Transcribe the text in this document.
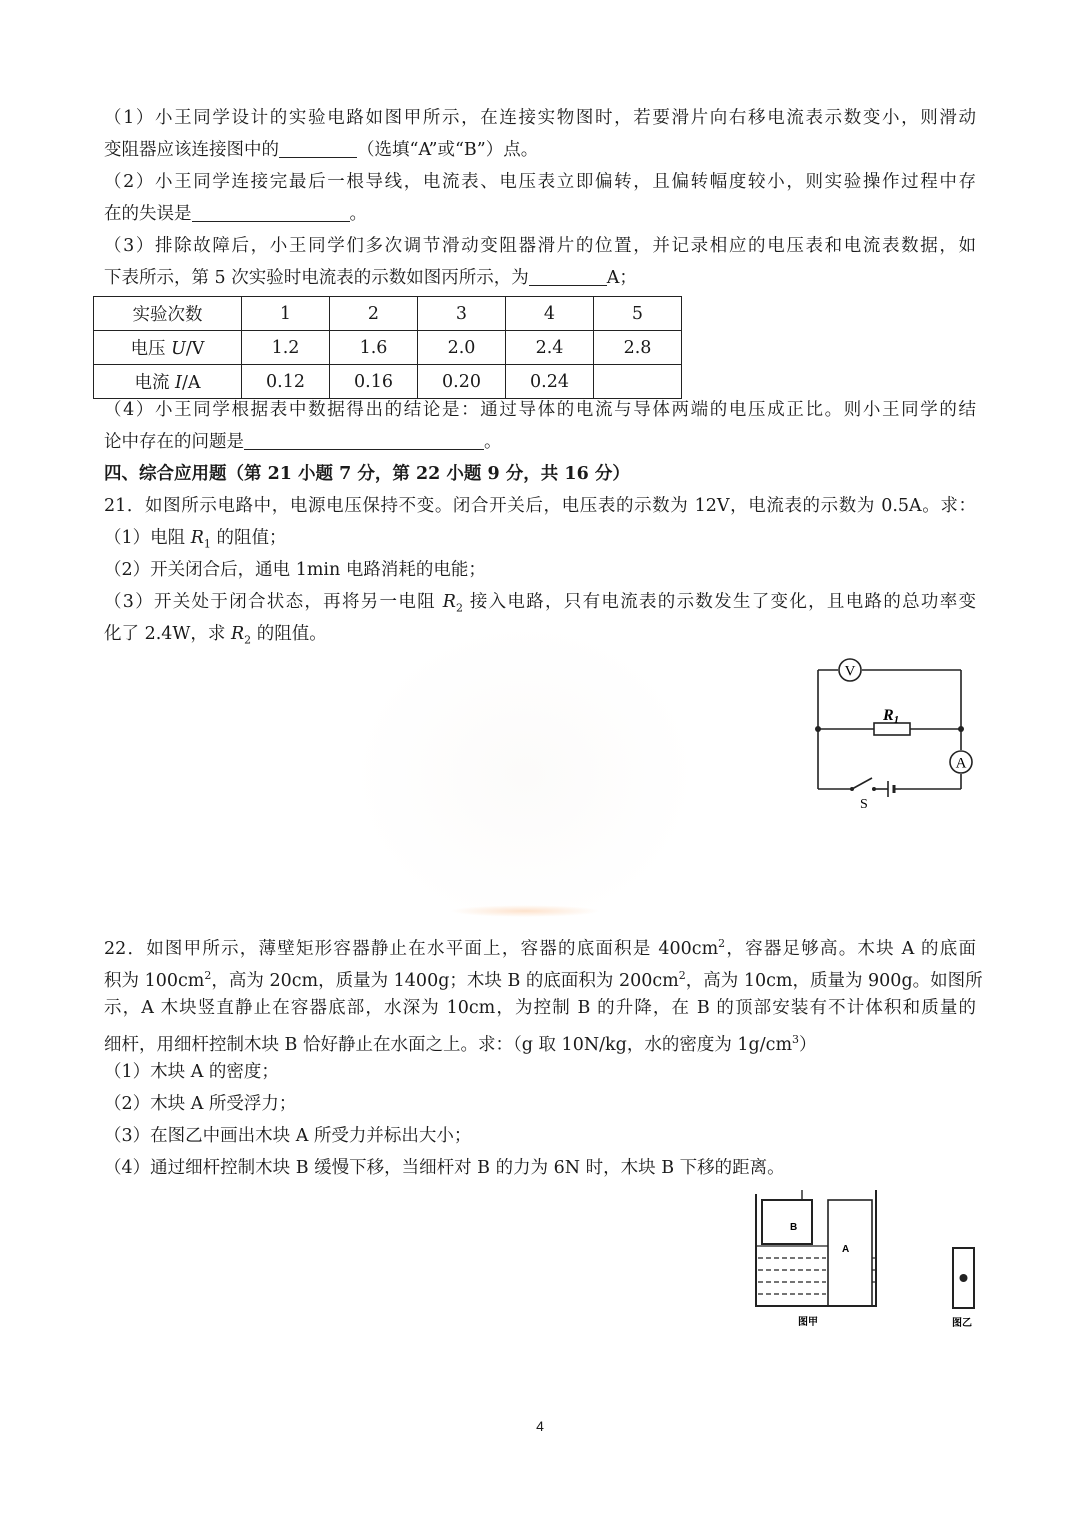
（1）小王同学设计的实验电路如图甲所示，在连接实物图时，若要滑片向右移电流表示数变小，则滑动
变阻器应该连接图中的	（选填“A”或“B”）点。
（2）小王同学连接完最后一根导线，电流表、电压表立即偏转，且偏转幅度较小，则实验操作过程中存
在的失误是	。
（3）排除故障后，小王同学们多次调节滑动变阻器滑片的位置，并记录相应的电压表和电流表数据，如
下表所示，第 5 次实验时电流表的示数如图丙所示，为	A；
实验次数	1	2	3	4	5
电压 U/V	1.2	1.6	2.0	2.4	2.8
电流 I/A	0.12	0.16	0.20	0.24	
（4）小王同学根据表中数据得出的结论是：通过导体的电流与导体两端的电压成正比。则小王同学的结
论中存在的问题是	。
四、综合应用题（第 21 小题 7 分，第 22 小题 9 分，共 16 分）
21．如图所示电路中，电源电压保持不变。闭合开关后，电压表的示数为 12V，电流表的示数为 0.5A。求：
（1）电阻 $R_1$ 的阻值；
（2）开关闭合后，通电 1min 电路消耗的电能；
（3）开关处于闭合状态，再将另一电阻 $R_2$ 接入电路，只有电流表的示数发生了变化，且电路的总功率变
化了 2.4W，求 $R_2$ 的阻值。
V
A
R1
S
22．如图甲所示，薄壁矩形容器静止在水平面上，容器的底面积是 $400cm^2$，容器足够高。木块 A 的底面
积为 $100cm^2$，高为 20cm，质量为 1400g；木块 B 的底面积为 $200cm^2$，高为 10cm，质量为 900g。如图所
示，A 木块竖直静止在容器底部，水深为 10cm，为控制 B 的升降，在 B 的顶部安装有不计体积和质量的
细杆，用细杆控制木块 B 恰好静止在水面之上。求：（g 取 10N/kg，水的密度为 $1g/cm^3$）
（1）木块 A 的密度；
（2）木块 A 所受浮力；
（3）在图乙中画出木块 A 所受力并标出大小；
（4）通过细杆控制木块 B 缓慢下移，当细杆对 B 的力为 6N 时，木块 B 下移的距离。
B
A
图甲	图乙
4
